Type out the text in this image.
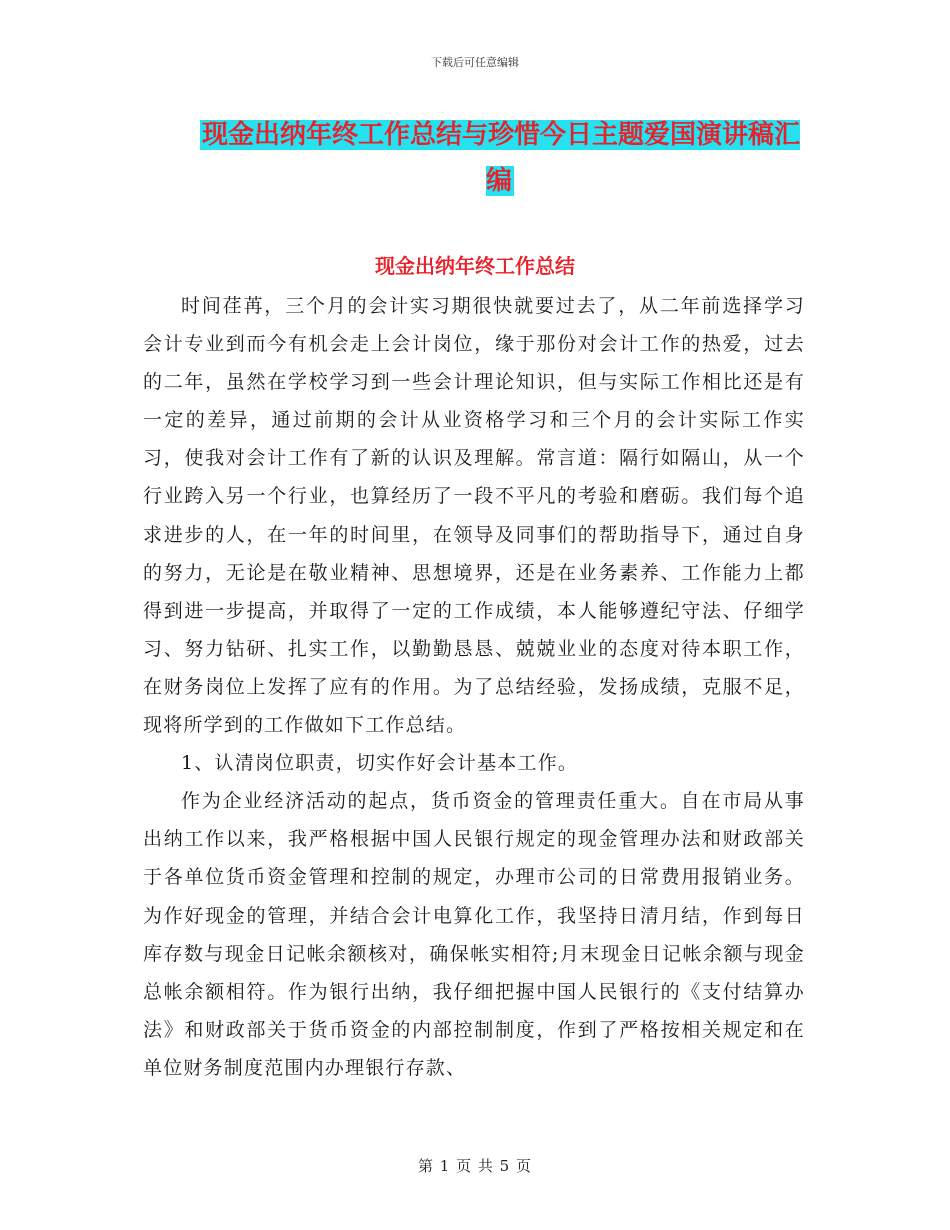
下载后可任意编辑
现金出纳年终工作总结与珍惜今日主题爱国演讲稿汇编
现金出纳年终工作总结

时间荏苒，三个月的会计实习期很快就要过去了，从二年前选择学习会计专业到而今有机会走上会计岗位，缘于那份对会计工作的热爱，过去的二年，虽然在学校学习到一些会计理论知识，但与实际工作相比还是有一定的差异，通过前期的会计从业资格学习和三个月的会计实际工作实习，使我对会计工作有了新的认识及理解。常言道：隔行如隔山，从一个行业跨入另一个行业，也算经历了一段不平凡的考验和磨砺。我们每个追求进步的人，在一年的时间里，在领导及同事们的帮助指导下，通过自身的努力，无论是在敬业精神、思想境界，还是在业务素养、工作能力上都得到进一步提高，并取得了一定的工作成绩，本人能够遵纪守法、仔细学习、努力钻研、扎实工作，以勤勤恳恳、兢兢业业的态度对待本职工作，在财务岗位上发挥了应有的作用。为了总结经验，发扬成绩，克服不足，现将所学到的工作做如下工作总结。

1、认清岗位职责，切实作好会计基本工作。

作为企业经济活动的起点，货币资金的管理责任重大。自在市局从事出纳工作以来，我严格根据中国人民银行规定的现金管理办法和财政部关于各单位货币资金管理和控制的规定，办理市公司的日常费用报销业务。为作好现金的管理，并结合会计电算化工作，我坚持日清月结，作到每日库存数与现金日记帐余额核对，确保帐实相符;月末现金日记帐余额与现金总帐余额相符。作为银行出纳，我仔细把握中国人民银行的《支付结算办法》和财政部关于货币资金的内部控制制度，作到了严格按相关规定和在单位财务制度范围内办理银行存款、

第 1 页 共 5 页
